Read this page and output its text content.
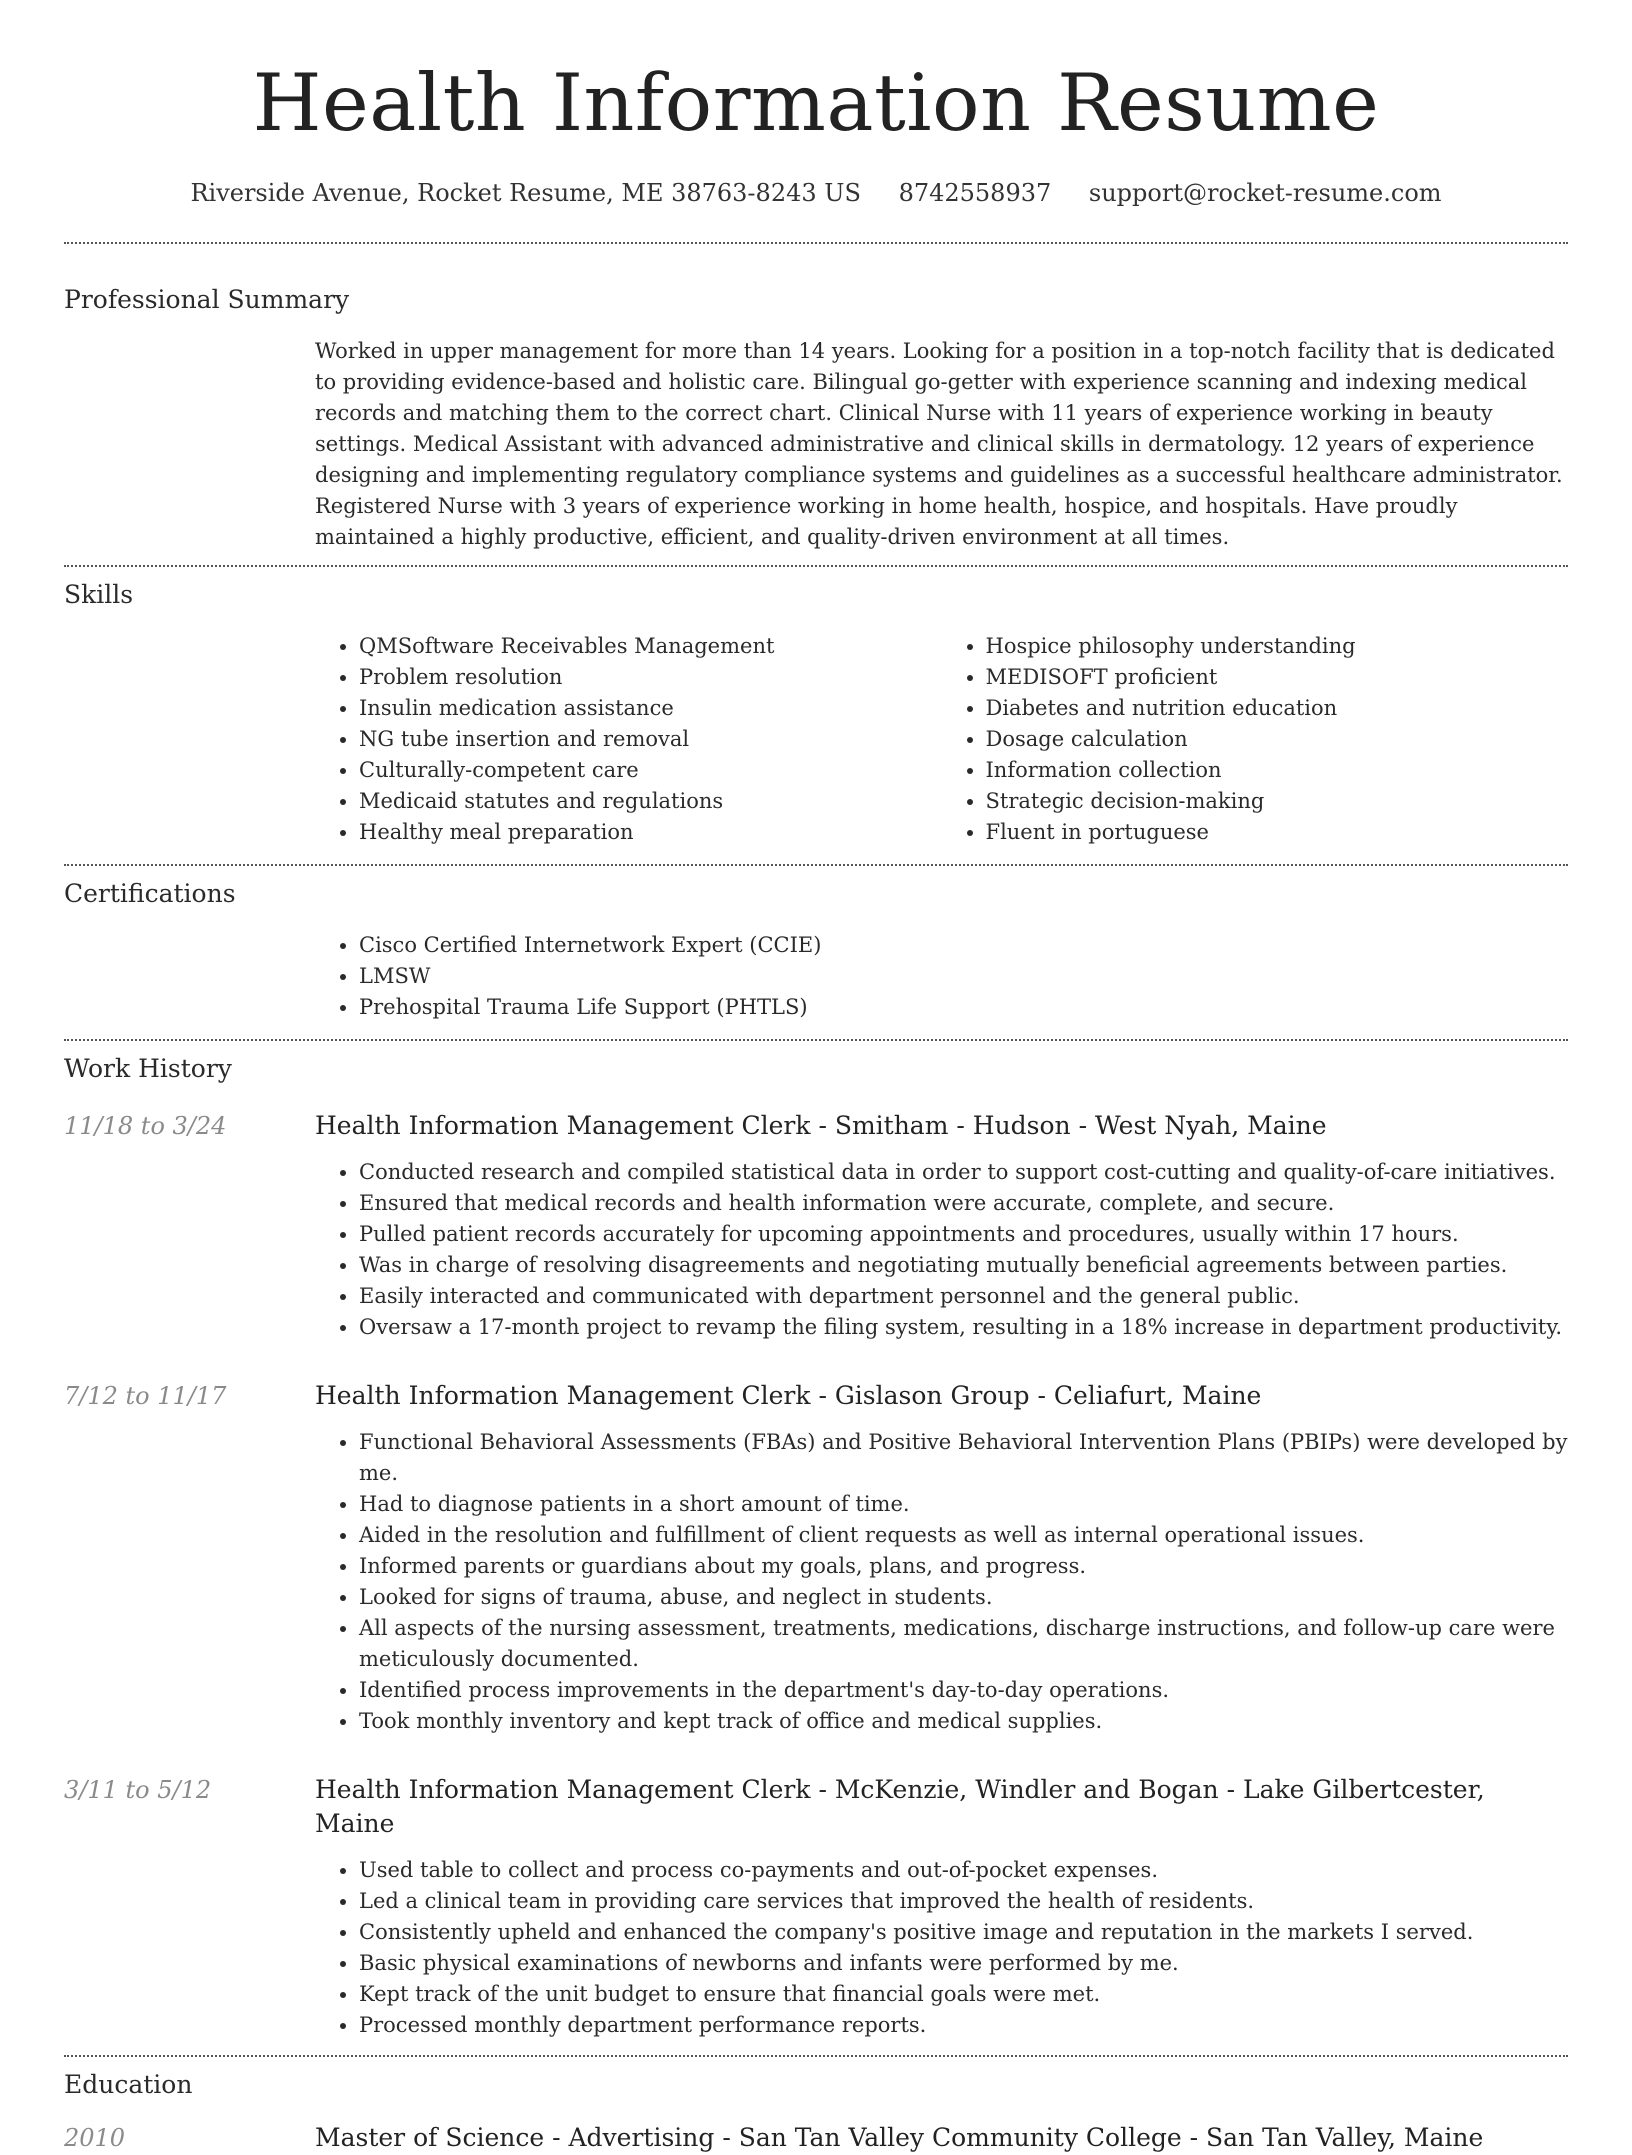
Health Information Resume
Riverside Avenue, Rocket Resume, ME 38763-8243 US 8742558937 support@rocket-resume.com
Professional Summary

Worked in upper management for more than 14 years. Looking for a position in a top-notch facility that is dedicated to providing evidence-based and holistic care. Bilingual go-getter with experience scanning and indexing medical records and matching them to the correct chart. Clinical Nurse with 11 years of experience working in beauty settings. Medical Assistant with advanced administrative and clinical skills in dermatology. 12 years of experience designing and implementing regulatory compliance systems and guidelines as a successful healthcare administrator. Registered Nurse with 3 years of experience working in home health, hospice, and hospitals. Have proudly maintained a highly productive, efficient, and quality-driven environment at all times.

Skills
• QMSoftware Receivables Management
• Problem resolution
• Insulin medication assistance
• NG tube insertion and removal
• Culturally-competent care
• Medicaid statutes and regulations
• Healthy meal preparation
• Hospice philosophy understanding
• MEDISOFT proficient
• Diabetes and nutrition education
• Dosage calculation
• Information collection
• Strategic decision-making
• Fluent in portuguese
Certifications
• Cisco Certified Internetwork Expert (CCIE)
• LMSW
• Prehospital Trauma Life Support (PHTLS)
Work History
11/18 to 3/24	Health Information Management Clerk - Smitham - Hudson - West Nyah, Maine
• Conducted research and compiled statistical data in order to support cost-cutting and quality-of-care initiatives.
• Ensured that medical records and health information were accurate, complete, and secure.
• Pulled patient records accurately for upcoming appointments and procedures, usually within 17 hours.
• Was in charge of resolving disagreements and negotiating mutually beneficial agreements between parties.
• Easily interacted and communicated with department personnel and the general public.
• Oversaw a 17-month project to revamp the filing system, resulting in a 18% increase in department productivity.
7/12 to 11/17	Health Information Management Clerk - Gislason Group - Celiafurt, Maine
• Functional Behavioral Assessments (FBAs) and Positive Behavioral Intervention Plans (PBIPs) were developed by me.
• Had to diagnose patients in a short amount of time.
• Aided in the resolution and fulfillment of client requests as well as internal operational issues.
• Informed parents or guardians about my goals, plans, and progress.
• Looked for signs of trauma, abuse, and neglect in students.
• All aspects of the nursing assessment, treatments, medications, discharge instructions, and follow-up care were meticulously documented.
• Identified process improvements in the department's day-to-day operations.
• Took monthly inventory and kept track of office and medical supplies.
3/11 to 5/12	Health Information Management Clerk - McKenzie, Windler and Bogan - Lake Gilbertcester, Maine
• Used table to collect and process co-payments and out-of-pocket expenses.
• Led a clinical team in providing care services that improved the health of residents.
• Consistently upheld and enhanced the company's positive image and reputation in the markets I served.
• Basic physical examinations of newborns and infants were performed by me.
• Kept track of the unit budget to ensure that financial goals were met.
• Processed monthly department performance reports.
Education
2010	Master of Science - Advertising - San Tan Valley Community College - San Tan Valley, Maine
